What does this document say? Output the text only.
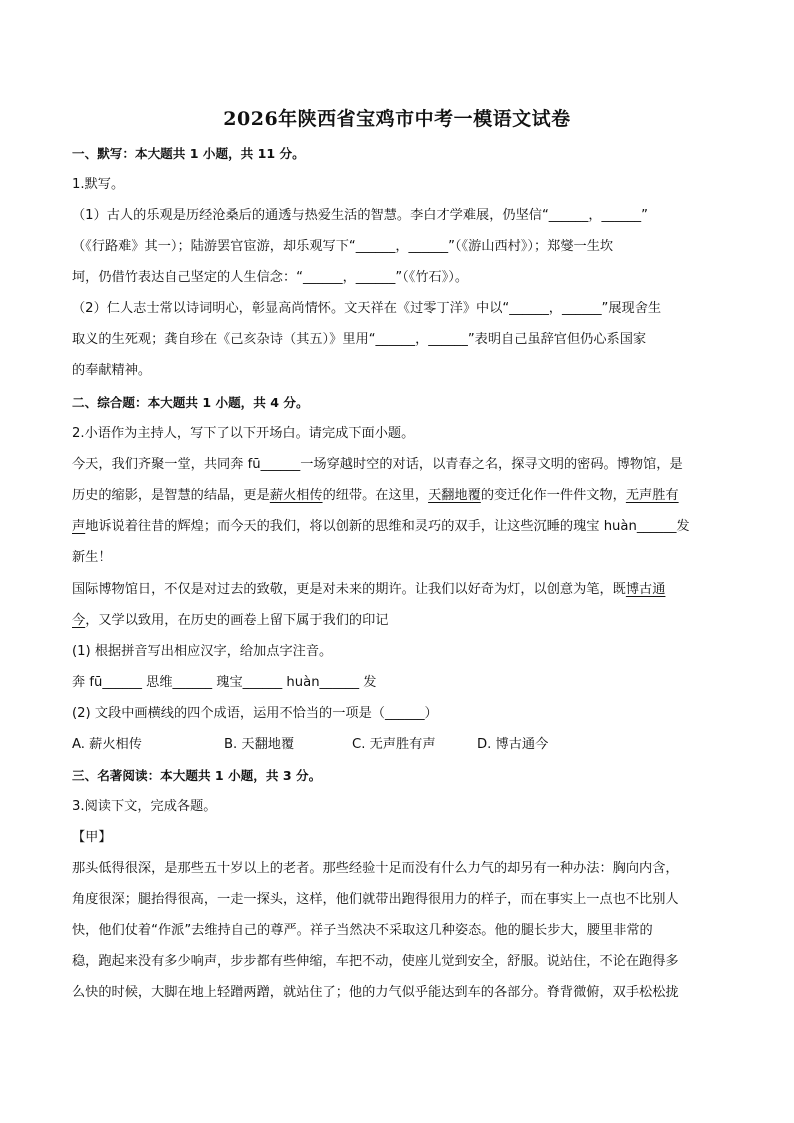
2026年陕西省宝鸡市中考一模语文试卷
一、默写：本大题共 1 小题，共 11 分。
1.默写。
（1）古人的乐观是历经沧桑后的通透与热爱生活的智慧。李白才学难展，仍坚信“______，______”
（《行路难》其一）；陆游罢官宦游，却乐观写下“______，______”（《游山西村》）；郑燮一生坎
坷，仍借竹表达自己坚定的人生信念：“______，______”（《竹石》）。
（2）仁人志士常以诗词明心，彰显高尚情怀。文天祥在《过零丁洋》中以“______，______”展现舍生
取义的生死观；龚自珍在《己亥杂诗（其五）》里用“______，______”表明自己虽辞官但仍心系国家
的奉献精神。
二、综合题：本大题共 1 小题，共 4 分。
2.小语作为主持人，写下了以下开场白。请完成下面小题。
今天，我们齐聚一堂，共同奔 fū______一场穿越时空的对话，以青春之名，探寻文明的密码。博物馆，是
历史的缩影，是智慧的结晶，更是薪火相传的纽带。在这里，天翻地覆的变迁化作一件件文物，无声胜有
声地诉说着往昔的辉煌；而今天的我们，将以创新的思维和灵巧的双手，让这些沉睡的瑰宝 huàn______发
新生！
国际博物馆日，不仅是对过去的致敬，更是对未来的期许。让我们以好奇为灯，以创意为笔，既博古通
今，又学以致用，在历史的画卷上留下属于我们的印记
(1) 根据拼音写出相应汉字，给加点字注音。
奔 fū______ 思维______ 瑰宝______ huàn______ 发
(2) 文段中画横线的四个成语，运用不恰当的一项是（______）
A. 薪火相传	B. 天翻地覆	C. 无声胜有声	D. 博古通今
三、名著阅读：本大题共 1 小题，共 3 分。
3.阅读下文，完成各题。
【甲】
那头低得很深，是那些五十岁以上的老者。那些经验十足而没有什么力气的却另有一种办法：胸向内含，
角度很深；腿抬得很高，一走一探头，这样，他们就带出跑得很用力的样子，而在事实上一点也不比别人
快，他们仗着“作派”去维持自己的尊严。祥子当然决不采取这几种姿态。他的腿长步大，腰里非常的
稳，跑起来没有多少响声，步步都有些伸缩，车把不动，使座儿觉到安全，舒服。说站住，不论在跑得多
么快的时候，大脚在地上轻蹭两蹭，就站住了；他的力气似乎能达到车的各部分。脊背微俯，双手松松拢
